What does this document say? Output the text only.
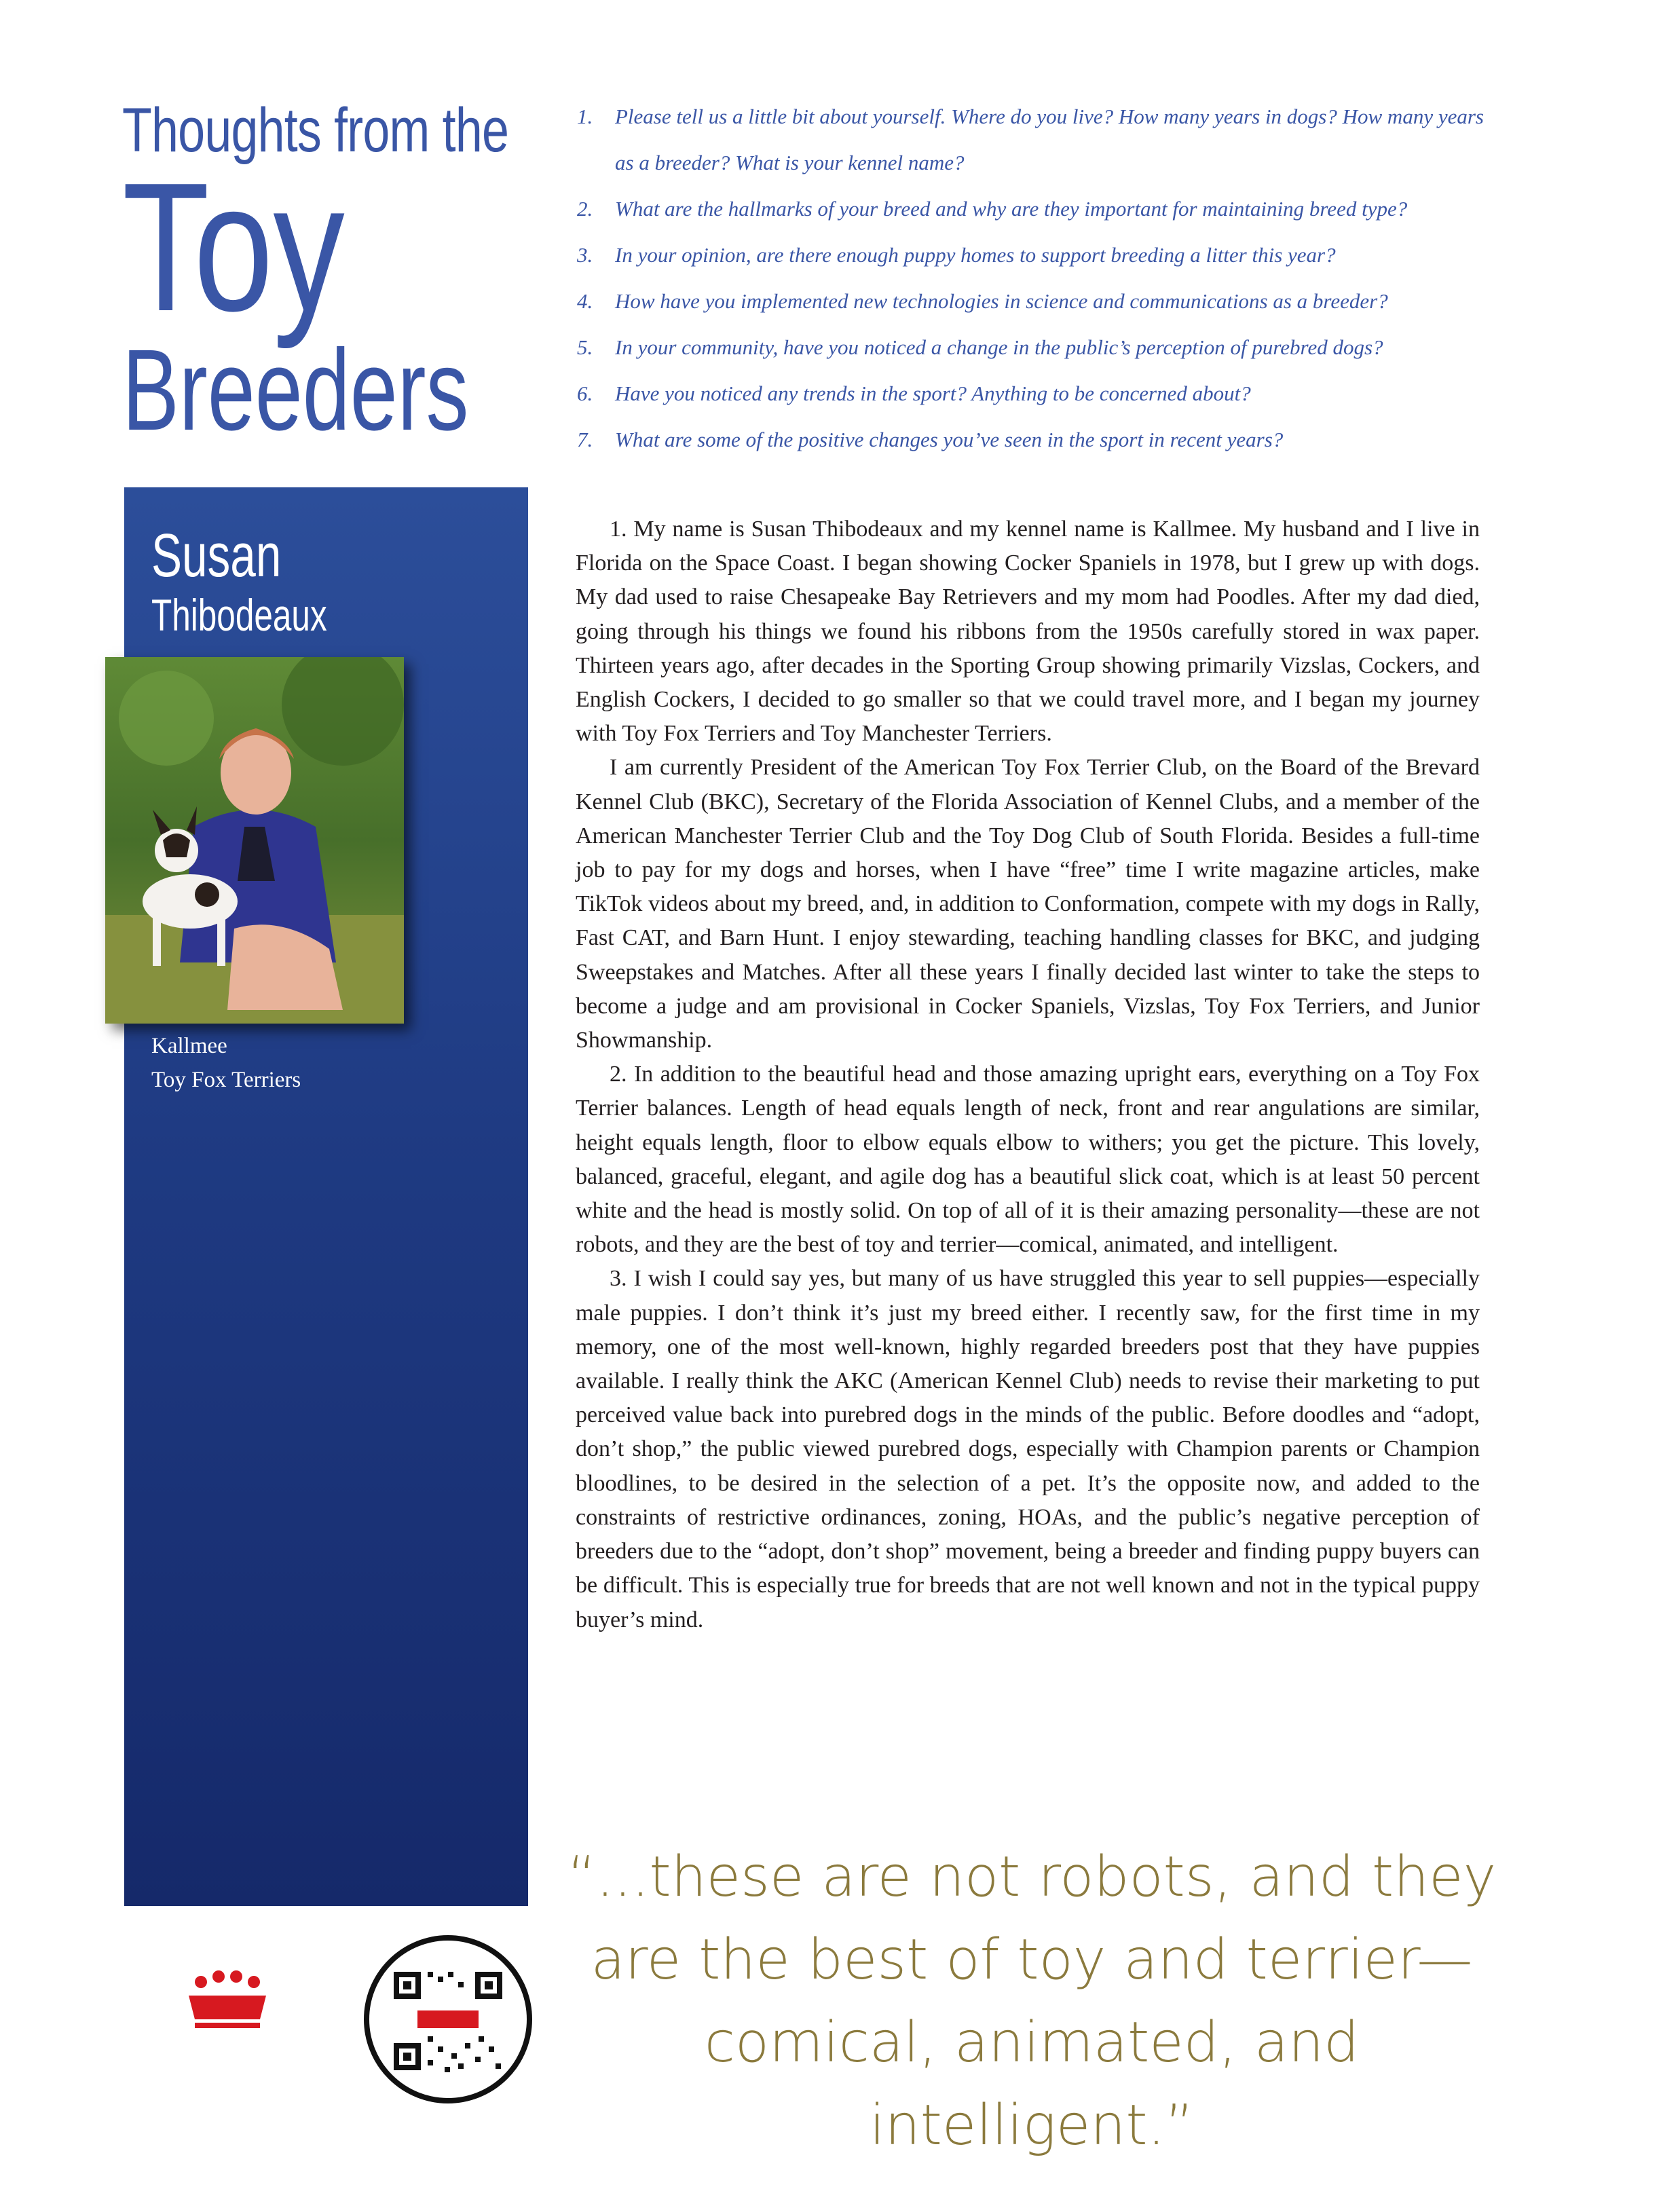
Thoughts from the
Toy
Breeders
1. Please tell us a little bit about yourself. Where do you live? How many years in dogs? How many years as a breeder? What is your kennel name?
2. What are the hallmarks of your breed and why are they important for maintaining breed type?
3. In your opinion, are there enough puppy homes to support breeding a litter this year?
4. How have you implemented new technologies in science and communications as a breeder?
5. In your community, have you noticed a change in the public’s perception of purebred dogs?
6. Have you noticed any trends in the sport? Anything to be concerned about?
7. What are some of the positive changes you’ve seen in the sport in recent years?
Susan
Thibodeaux
Kallmee
Toy Fox Terriers

1. My name is Susan Thibodeaux and my kennel name is Kallmee. My husband and I live in Florida on the Space Coast. I began showing Cocker Spaniels in 1978, but I grew up with dogs. My dad used to raise Chesapeake Bay Retrievers and my mom had Poodles. After my dad died, going through his things we found his ribbons from the 1950s carefully stored in wax paper. Thirteen years ago, after decades in the Sporting Group showing primarily Vizslas, Cockers, and English Cockers, I decided to go smaller so that we could travel more, and I began my journey with Toy Fox Terriers and Toy Manchester Terriers.

I am currently President of the American Toy Fox Terrier Club, on the Board of the Brevard Kennel Club (BKC), Secretary of the Florida Association of Kennel Clubs, and a member of the American Manchester Terrier Club and the Toy Dog Club of South Florida. Besides a full-time job to pay for my dogs and horses, when I have “free” time I write magazine articles, make TikTok videos about my breed, and, in addition to Conformation, compete with my dogs in Rally, Fast CAT, and Barn Hunt. I enjoy stewarding, teaching handling classes for BKC, and judging Sweepstakes and Matches. After all these years I finally decided last winter to take the steps to become a judge and am provisional in Cocker Spaniels, Vizslas, Toy Fox Terriers, and Junior Showmanship.

2. In addition to the beautiful head and those amazing upright ears, everything on a Toy Fox Terrier balances. Length of head equals length of neck, front and rear angulations are similar, height equals length, floor to elbow equals elbow to withers; you get the picture. This lovely, balanced, graceful, elegant, and agile dog has a beautiful slick coat, which is at least 50 percent white and the head is mostly solid. On top of all of it is their amazing personality—these are not robots, and they are the best of toy and terrier—comical, animated, and intelligent.

3. I wish I could say yes, but many of us have struggled this year to sell puppies—especially male puppies. I don’t think it’s just my breed either. I recently saw, for the first time in my memory, one of the most well-known, highly regarded breeders post that they have puppies available. I really think the AKC (American Kennel Club) needs to revise their marketing to put perceived value back into purebred dogs in the minds of the public. Before doodles and “adopt, don’t shop,” the public viewed purebred dogs, especially with Champion parents or Champion bloodlines, to be desired in the selection of a pet. It’s the opposite now, and added to the constraints of restrictive ordinances, zoning, HOAs, and the public’s negative perception of breeders due to the “adopt, don’t shop” movement, being a breeder and finding puppy buyers can be difficult. This is especially true for breeds that are not well known and not in the typical puppy buyer’s mind.

“...these are not robots, and they
are the best of toy and terrier—
comical, animated, and intelligent.”
